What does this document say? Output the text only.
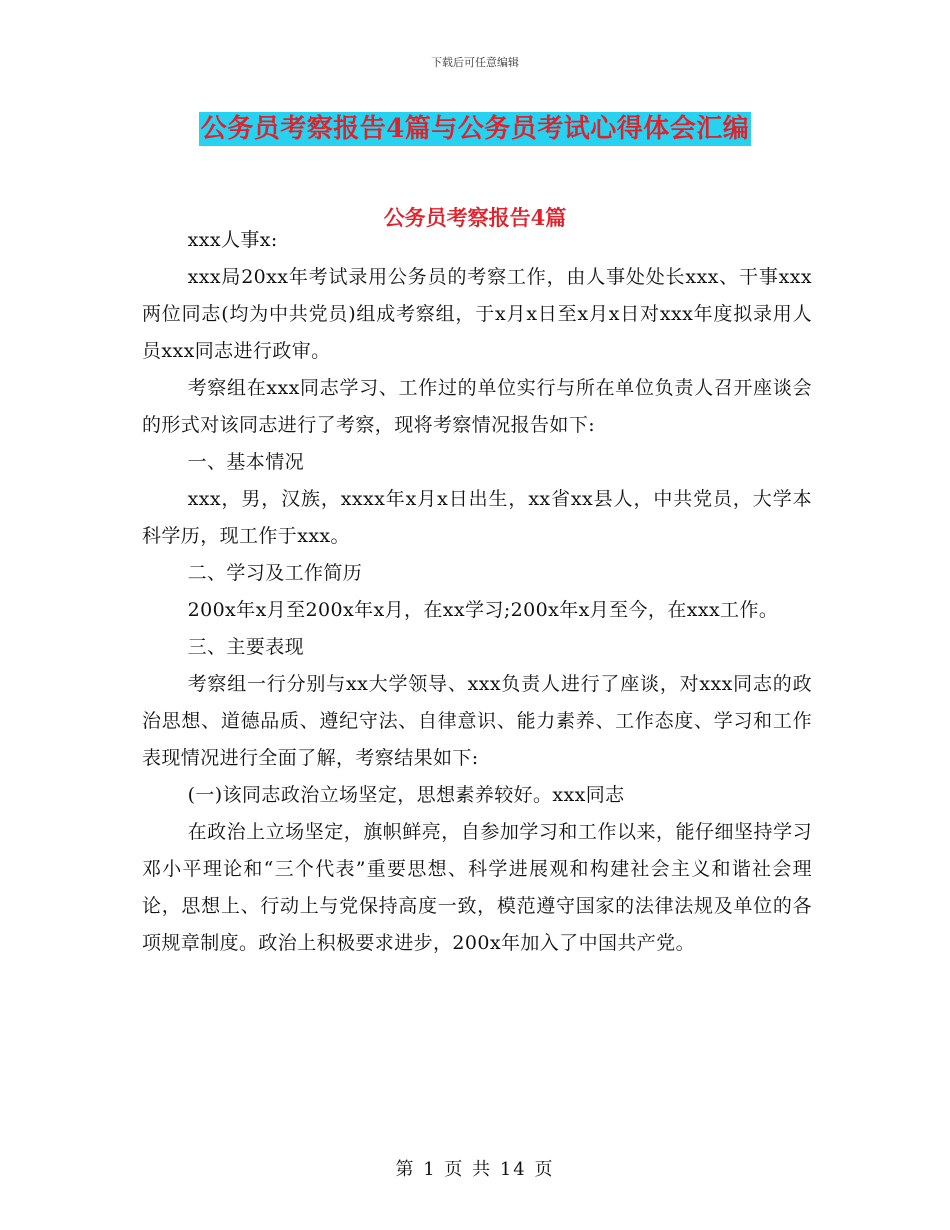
下载后可任意编辑
公务员考察报告4篇与公务员考试心得体会汇编
公务员考察报告4篇

xxx人事x:

xxx局20xx年考试录用公务员的考察工作，由人事处处长xxx、干事xxx两位同志(均为中共党员)组成考察组，于x月x日至x月x日对xxx年度拟录用人员xxx同志进行政审。

考察组在xxx同志学习、工作过的单位实行与所在单位负责人召开座谈会的形式对该同志进行了考察，现将考察情况报告如下:

一、基本情况

xxx，男，汉族，xxxx年x月x日出生，xx省xx县人，中共党员，大学本科学历，现工作于xxx。

二、学习及工作简历

200x年x月至200x年x月，在xx学习;200x年x月至今，在xxx工作。

三、主要表现

考察组一行分别与xx大学领导、xxx负责人进行了座谈，对xxx同志的政治思想、道德品质、遵纪守法、自律意识、能力素养、工作态度、学习和工作表现情况进行全面了解，考察结果如下:

(一)该同志政治立场坚定，思想素养较好。xxx同志

在政治上立场坚定，旗帜鲜亮，自参加学习和工作以来，能仔细坚持学习邓小平理论和“三个代表”重要思想、科学进展观和构建社会主义和谐社会理论，思想上、行动上与党保持高度一致，模范遵守国家的法律法规及单位的各项规章制度。政治上积极要求进步，200x年加入了中国共产党。

第 1 页 共 14 页
